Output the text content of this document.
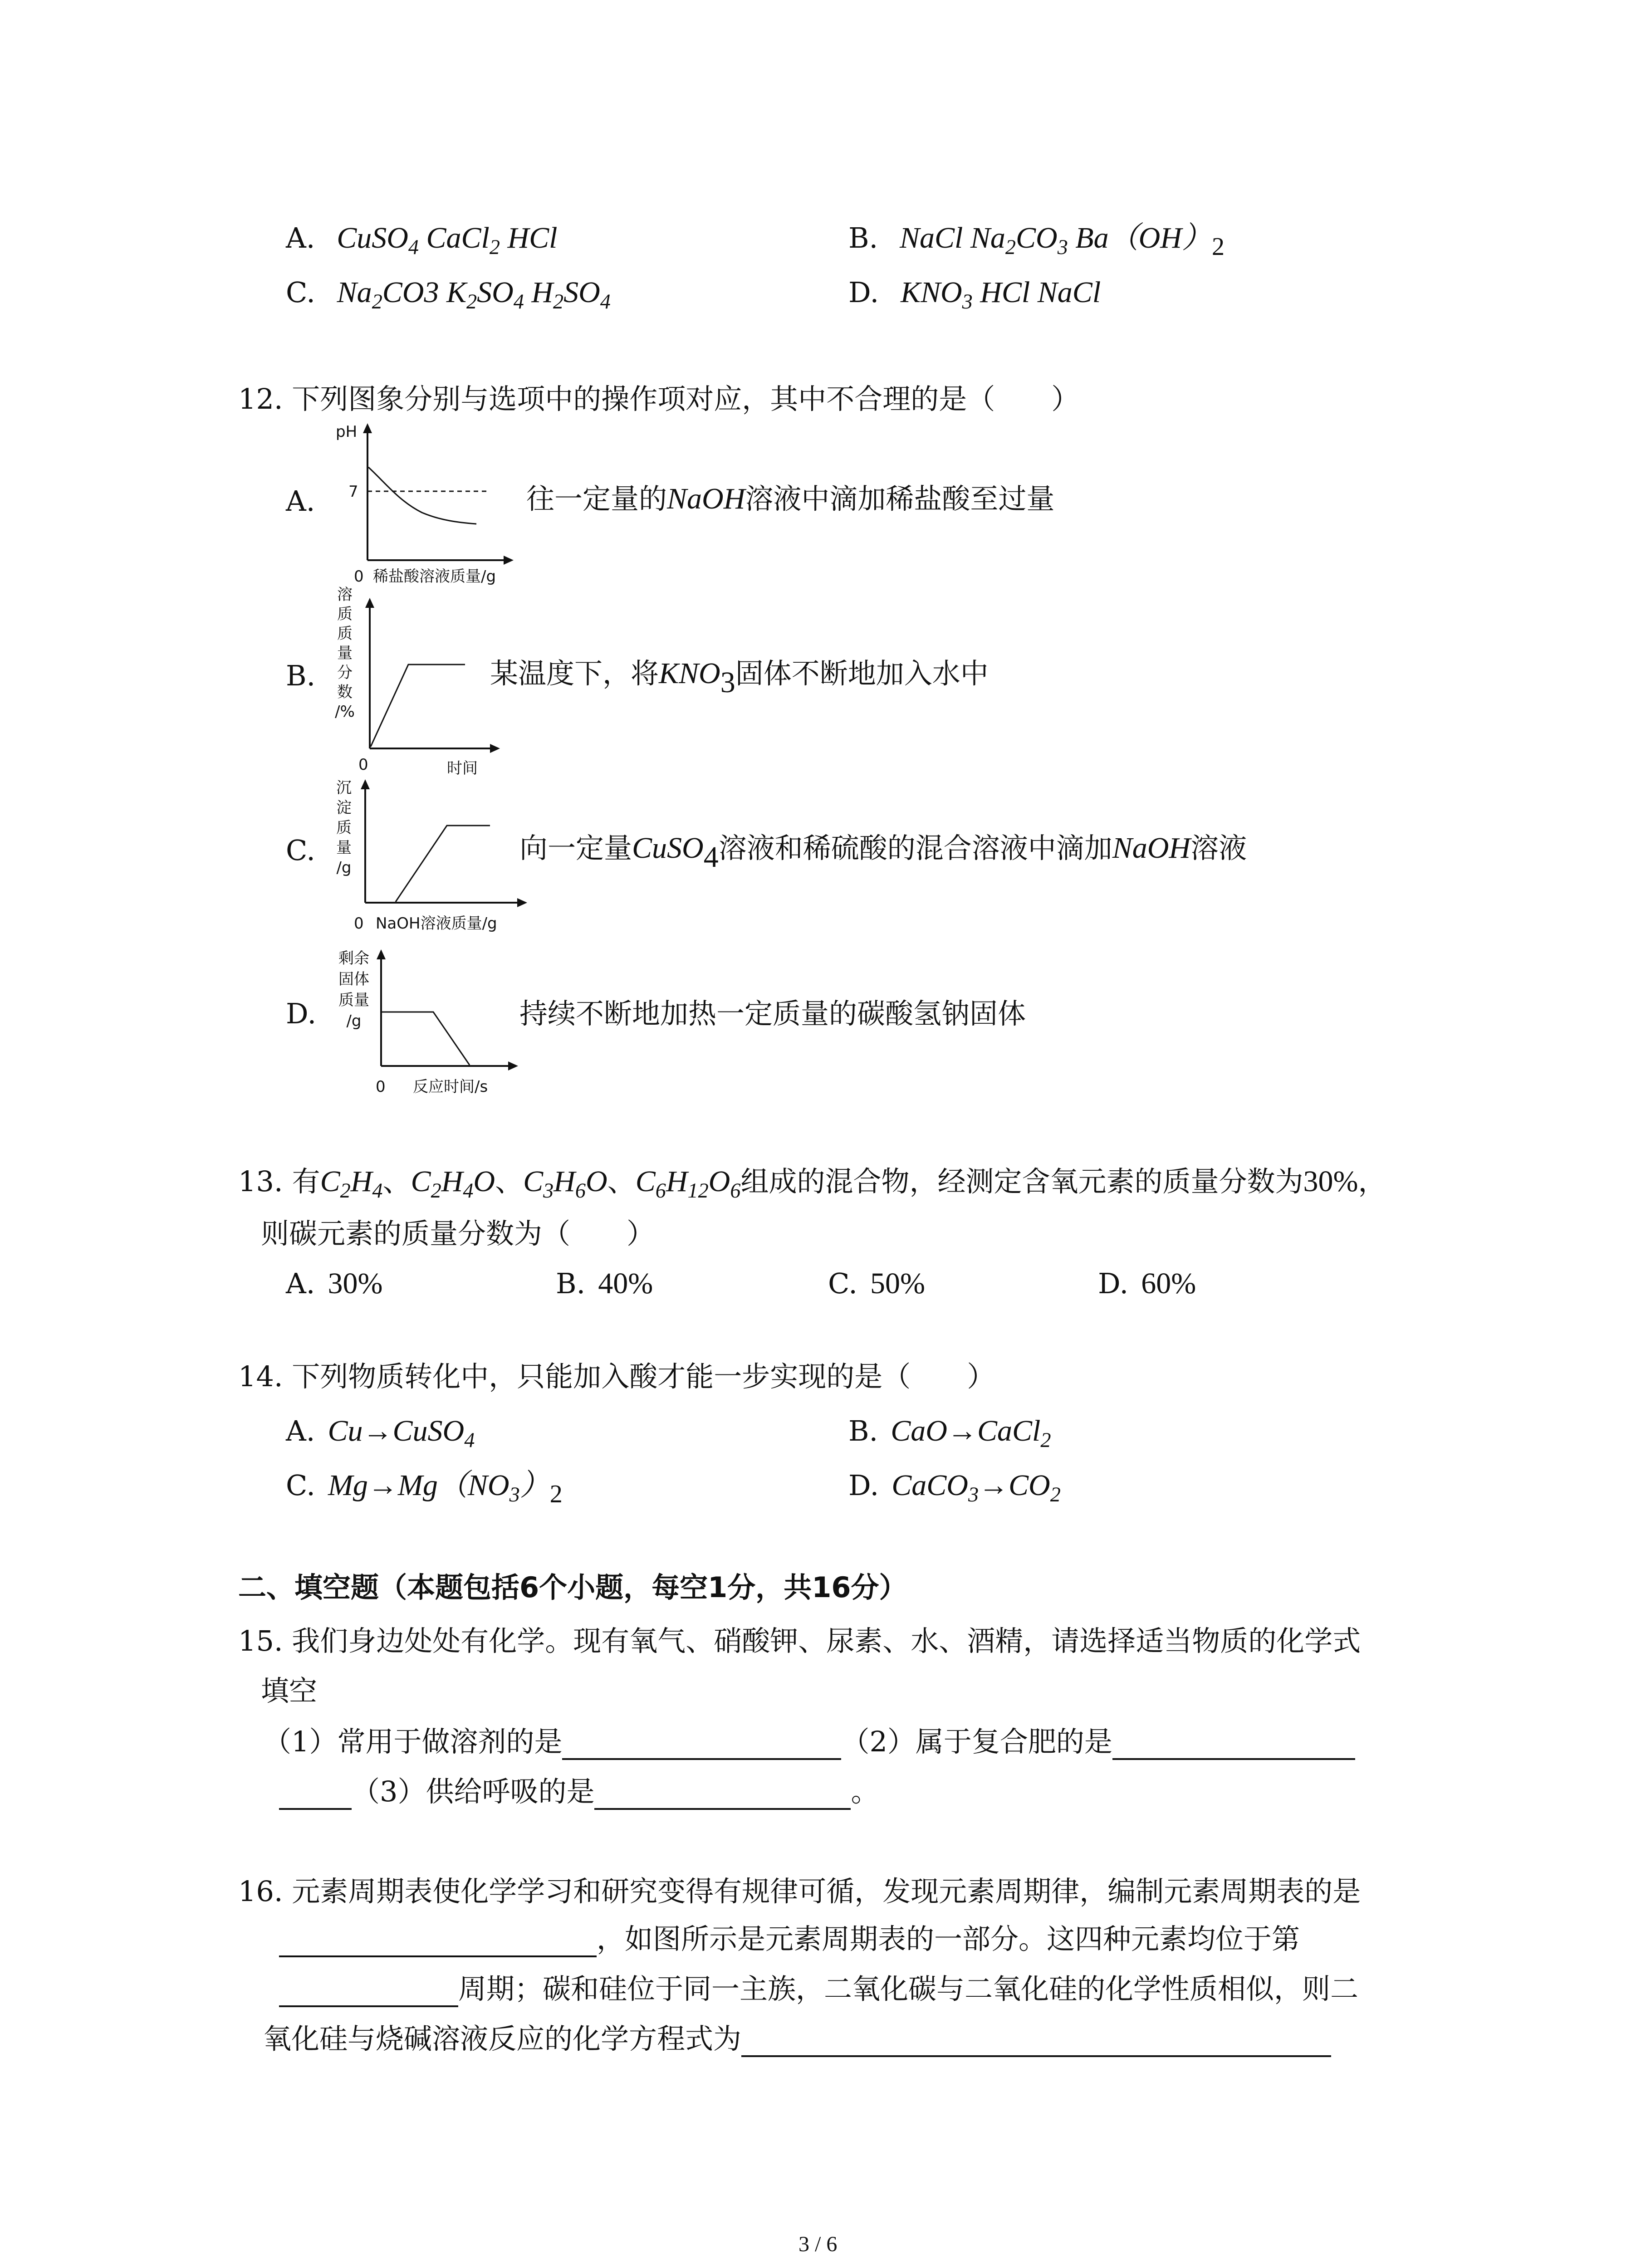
A. CuSO$_4$ CaCl$_2$ HCl	B. NaCl $Na_2CO_3$ Ba（OH）2
C. $Na_2CO3$ $K_2SO_4$ $H_2SO_4$	D. $KNO_3$ HCl NaCl
12. 下列图象分别与选项中的操作项对应，其中不合理的是（　　）
A.
pH
7
0 稀盐酸溶液质量/g
往一定量的NaOH溶液中滴加稀盐酸至过量
B.
溶
质
质
量
分
数
/%
0	时间
某温度下，将$KNO_3$固体不断地加入水中
C.
沉
淀
质
量
/g
0 NaOH溶液质量/g
向一定量CuSO$_4$溶液和稀硫酸的混合溶液中滴加NaOH溶液
D.
剩余
固体
质量
/g
0 反应时间/s
持续不断地加热一定质量的碳酸氢钠固体
13. 有$C_2H_4$、$C_2H_4O$、$C_3H_6O$、$C_6H_{12}O_6$组成的混合物，经测定含氧元素的质量分数为30%，
则碳元素的质量分数为（　　）
A. 30%	B. 40%	C. 50%	D. 60%
14. 下列物质转化中，只能加入酸才能一步实现的是（　　）
A. Cu→CuSO$_4$	B. CaO→CaCl$_2$
C. $Mg\to Mg(NO_3)2$	D. $CaCO_3\to CO_2$
二、填空题（本题包括6个小题，每空1分，共16分）
15. 我们身边处处有化学。现有氧气、硝酸钾、尿素、水、酒精，请选择适当物质的化学式
填空
（1）常用于做溶剂的是	（2）属于复合肥的是
（3）供给呼吸的是	。
16. 元素周期表使化学学习和研究变得有规律可循，发现元素周期律，编制元素周期表的是
，如图所示是元素周期表的一部分。这四种元素均位于第
周期；碳和硅位于同一主族，二氧化碳与二氧化硅的化学性质相似，则二
氧化硅与烧碱溶液反应的化学方程式为
3 / 6
